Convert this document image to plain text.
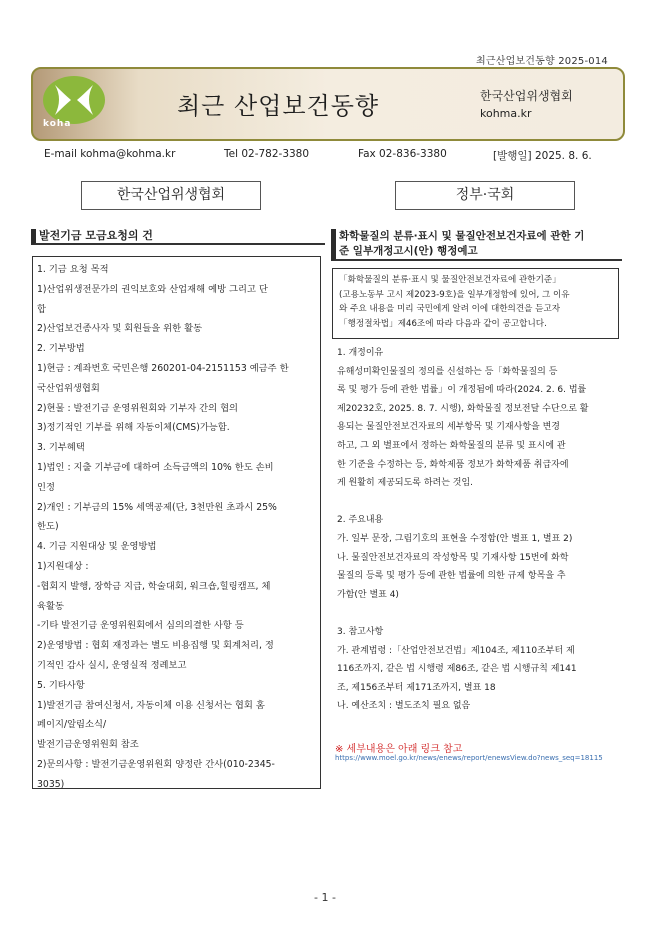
최근산업보건동향 2025-014
koha
최근 산업보건동향	한국산업위생협회
kohma.kr
E-mail kohma@kohma.kr	Tel 02-782-3380	Fax 02-836-3380	[발행일] 2025. 8. 6.
한국산업위생협회	정부·국회
발전기금 모금요청의 건

1. 기금 요청 목적

1)산업위생전문가의 권익보호와 산업재해 예방 그리고 단

합

2)산업보건종사자 및 회원들을 위한 활동

2. 기부방법

1)현금 : 계좌번호 국민은행 260201-04-2151153 예금주 한

국산업위생협회

2)현물 : 발전기금 운영위원회와 기부자 간의 협의

3)정기적인 기부를 위해 자동이체(CMS)가능함.

3. 기부혜택

1)법인 : 지출 기부금에 대하여 소득금액의 10% 한도 손비

인정

2)개인 : 기부금의 15% 세액공제(단, 3천만원 초과시 25%

한도)

4. 기금 지원대상 및 운영방법

1)지원대상 :

-협회지 발행, 장학금 지급, 학술대회, 워크숍,힐링캠프, 체

육활동

-기타 발전기금 운영위원회에서 심의의결한 사항 등

2)운영방법 : 협회 재정과는 별도 비용집행 및 회계처리, 정

기적인 감사 실시, 운영실적 정례보고

5. 기타사항

1)발전기금 참여신청서, 자동이체 이용 신청서는 협회 홈

페이지/알림소식/

발전기금운영위원회 참조

2)문의사항 : 발전기금운영위원회 양정란 간사(010-2345-

3035)

화학물질의 분류·표시 및 물질안전보건자료에 관한 기
준 일부개정고시(안) 행정예고

「화학물질의 분류·표시 및 물질안전보건자료에 관한기준」

(고용노동부 고시 제2023-9호)을 일부개정함에 있어, 그 이유

와 주요 내용을 미리 국민에게 알려 이에 대한의견을 듣고자

「행정절차법」제46조에 따라 다음과 같이 공고합니다.

1. 개정이유

유해성미확인물질의 정의를 신설하는 등「화학물질의 등

록 및 평가 등에 관한 법률」이 개정됨에 따라(2024. 2. 6. 법률

제20232호, 2025. 8. 7. 시행), 화학물질 정보전달 수단으로 활

용되는 물질안전보건자료의 세부항목 및 기재사항을 변경

하고, 그 외 별표에서 정하는 화학물질의 분류 및 표시에 관

한 기준을 수정하는 등, 화학제품 정보가 화학제품 취급자에

게 원활히 제공되도록 하려는 것임.

2. 주요내용

가. 일부 문장, 그림기호의 표현을 수정함(안 별표 1, 별표 2)

나. 물질안전보건자료의 작성항목 및 기재사항 15번에 화학

물질의 등록 및 평가 등에 관한 법률에 의한 규제 항목을 추

가함(안 별표 4)

3. 참고사항

가. 관계법령 :「산업안전보건법」제104조, 제110조부터 제

116조까지, 같은 법 시행령 제86조, 같은 법 시행규칙 제141

조, 제156조부터 제171조까지, 별표 18

나. 예산조치 : 별도조치 필요 없음

※ 세부내용은 아래 링크 참고
https://www.moel.go.kr/news/enews/report/enewsView.do?news_seq=18115
- 1 -
